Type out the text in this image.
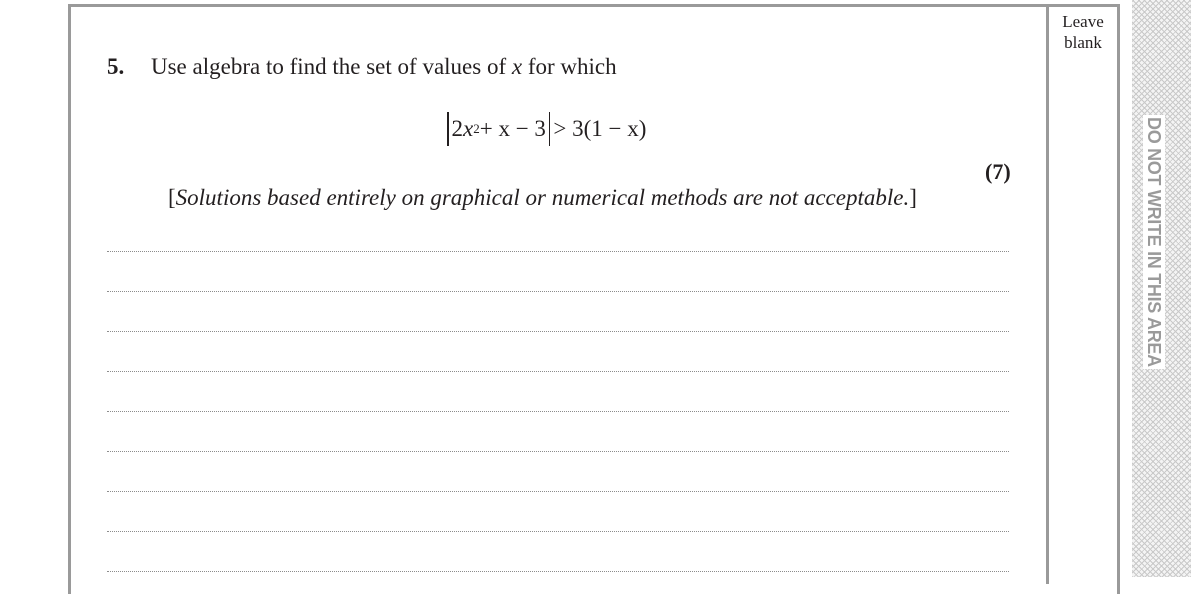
Leave
blank
DO NOT WRITE IN THIS AREA
5. Use algebra to find the set of values of x for which
2 x 2 + x − 3 > 3(1 − x)
(7)
[Solutions based entirely on graphical or numerical methods are not acceptable.]
